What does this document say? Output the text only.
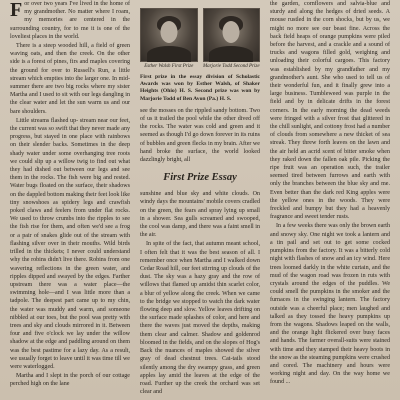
For over two years I've lived in the home of my grandmother. No matter where I roam, my memories are centered in the surrounding country, for to me it is one of the loveliest places in the world.

There is a steep wooded hill, a field of green waving oats, and then the creek. On the other side is a forest of pines, firs and maples covering the ground for over to Russell's Run, a little stream which empties into the larger one. In mid-summer there are two big rocks where my sister Martha and I used to sit with our legs dangling in the clear water and let the sun warm us and our bare shoulders.

Little streams flashed up- stream near our feet, the current was so swift that they never made any progress, but stayed in one place with rainbows on their slender backs. Sometimes in the deep shady water under some overhanging tree roots we could slip up a willow twig to find out what they had dished out between our legs and see them in the rocks. The fish were big and rested. Water bugs floated on the surface, their shadows on the dappled bottom making their feet look like tiny snowshoes as spidery legs and crawfish poked claws and feelers from under flat rocks. We used to throw crumbs into the ripples to see the fish rise for them, and often we'd see a frog or a pair of snakes glide out of the stream with flashing silver over in their mouths. Wild birds trilled in the thickets; I never could understand why the robins didn't live there. Robins from one wavering reflections in the green water, and ripples dipped and swayed by the edges. Farther upstream there was a water place—the swimming hole—and I was little more than a tadpole. The deepest part came up to my chin, the water was muddy and warm, and someone nibbled at our toes, but the pool was pretty with trees and sky and clouds mirrored in it. Between four and five o'clock we lay under the willow shadow at the edge and paddling around on them was the best pastime for a lazy day. As a result, we usually forget to leave until it was time till we were waterlogged.

Martha and I slept in the porch of our cottage perched high on the lane

Esther Walsh First Prize	Marjorie Todd Second Prize
First prize in the essay division of Scholastic Awards was won by Esther Walsh, of Shaker Heights (Ohio) H. S. Second prize was won by Marjorie Todd of Ben Avon (Pa.) H. S.

see the mosses on the rippled sandy bottom. Two of us it trailed the pool while the other dived off the rocks. The water was cold and green and it seemed as though I'd go down forever in its ruins of bubbles and green flecks in my brain. After we hand broke the surface, the world looked dazzlingly bright, all

First Prize Essay

sunshine and blue sky and white clouds. On windy days the mountains' mobile covers cradled on the green, the fears and spray lying up small in a shower. Sea gulls screamed and swooped, the cool was damp, and there was a faint smell in the air.

In spite of the fact, that autumn meant school, I often felt that it was the best season of all. I remember once when Martha and I walked down Cedar Road hill, our feet stirring up clouds of the dust. The sky was a hazy gray and the row of willows that flamed up amidst thin scarlet color, a blur of yellow along the creek. When we came to the bridge we stopped to watch the dark water flowing deep and slow. Yellow leaves drifting on the surface made splashes of color, and here and there the waves just moved the depths, making them clear and calmer. Shadow and goldenrod bloomed in the fields, and on the slopes of Hog's Back the nuances of maples showed the silver gray of dead chestnut trees. Cat-tails stood silently among the dry swampy grass, and green apples lay amid the leaves at the edge of the road. Further up the creek the orchard was set clear and

the garden, cornflowers and salvia-blue and sturdy and along the hedges of dried seeds. A mouse rustled in the corn shocks, but by us, we might no more see our beast fine. Across the back field heaps of orange pumpkins were piled before the harvest, and a crackle and a sound of trucks and wagons filled gold, weighing and unloading their colorful cargoes. This factory was established by my grandfather and my grandmother's aunt. She who used to tell us of their wonderful fun, and it finally grew into a large business. Tumbleweed was purple in the field and by in delicate drifts in the forest corners. In the early morning the dead weeds were fringed with a silver frost that glittered in the chill sunlight, and cottony frost had a number of clouds from somewhere a new thicket of sea streak. They threw forth leaves on the lawn and the air held an acrid scent of bitter smoke when they raked down the fallen oak pile. Picking the ripe fruit was an operation such, the trailer seemed tired between furrows and earth with only the branches between the blue sky and me. Even better than the dark red King apples were the yellow ones in the woods. They were freckled and bumpy but they had a heavenly fragrance and sweet tender rusts.

In a few weeks there was only the brown earth and snowy sky. One night we took a lantern and a tin pail and set out to get some cocked pumpkins from the factory. It was a bitterly cold night with flashes of snow and an icy wind. Here trees loomed darkly in the white curtain, and the mud of the wagon road was frozen in ruts with crystals around the edges of the puddles. We could smell the pumpkins in the smoker and the furnaces in the swinging lantern. The factory outside was a cheerful place; men laughed and talked as they tossed the heavy pumpkins up from the wagons. Shadows leaped on the walls, and the orange light flickered over busy faces and hands. The farmer overall-suits were stained with time and they stamped their heavy boots in the snow as the steaming pumpkins were crushed and cored. The machinery and hours were working night and day. On the way home we found ...
